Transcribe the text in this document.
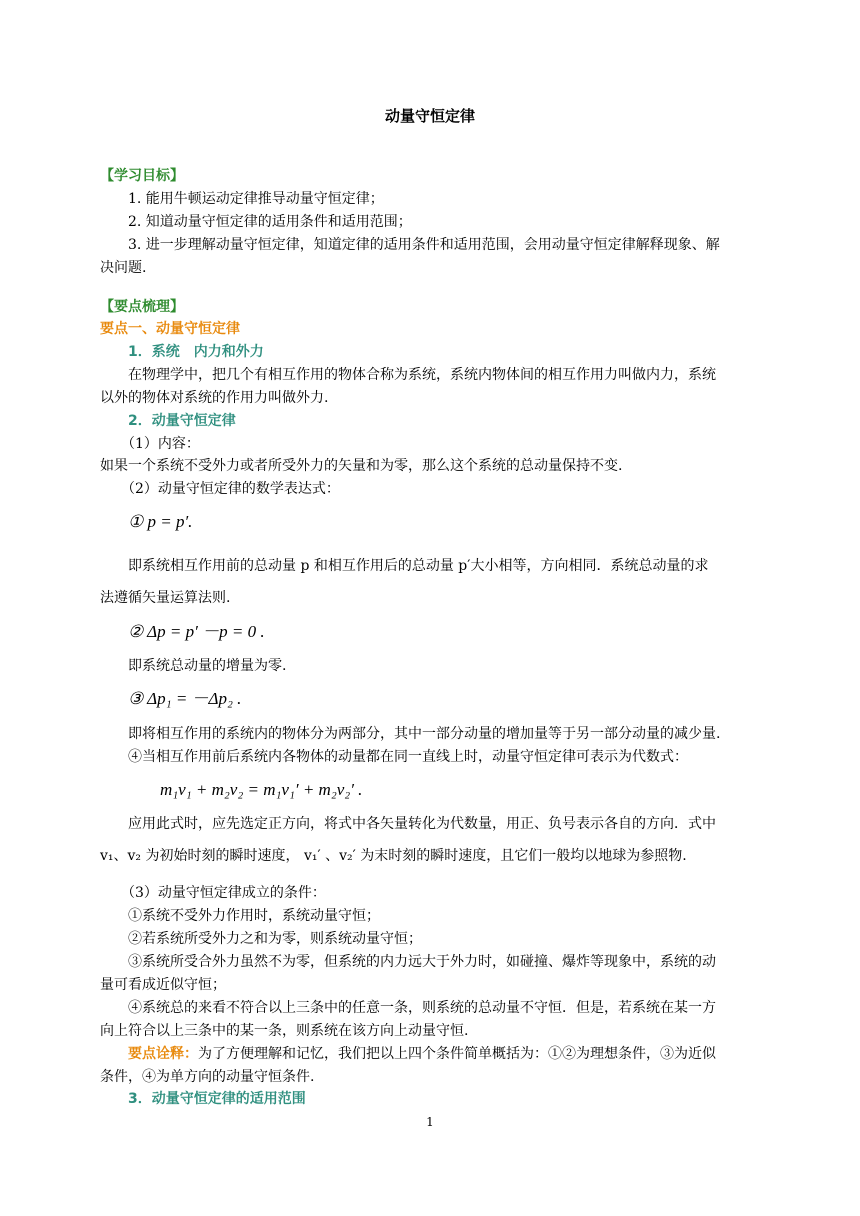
动量守恒定律
【学习目标】
1. 能用牛顿运动定律推导动量守恒定律；
2. 知道动量守恒定律的适用条件和适用范围；
3. 进一步理解动量守恒定律，知道定律的适用条件和适用范围，会用动量守恒定律解释现象、解
决问题.
【要点梳理】
要点一、动量守恒定律
1．系统　内力和外力
在物理学中，把几个有相互作用的物体合称为系统，系统内物体间的相互作用力叫做内力，系统
以外的物体对系统的作用力叫做外力.
2．动量守恒定律
（1）内容：
如果一个系统不受外力或者所受外力的矢量和为零，那么这个系统的总动量保持不变.
（2）动量守恒定律的数学表达式：
① p = p′.
即系统相互作用前的总动量 p 和相互作用后的总动量 p′大小相等，方向相同．系统总动量的求
法遵循矢量运算法则.
② Δp = p′ －p = 0 .
即系统总动量的增量为零.
③ Δp₁ = －Δp₂ .
即将相互作用的系统内的物体分为两部分，其中一部分动量的增加量等于另一部分动量的减少量.
④当相互作用前后系统内各物体的动量都在同一直线上时，动量守恒定律可表示为代数式：
m₁v₁ + m₂v₂ = m₁v₁′ + m₂v₂′ .
应用此式时，应先选定正方向，将式中各矢量转化为代数量，用正、负号表示各自的方向．式中
v₁、v₂ 为初始时刻的瞬时速度， v₁′ 、v₂′ 为末时刻的瞬时速度，且它们一般均以地球为参照物.
（3）动量守恒定律成立的条件：
①系统不受外力作用时，系统动量守恒；
②若系统所受外力之和为零，则系统动量守恒；
③系统所受合外力虽然不为零，但系统的内力远大于外力时，如碰撞、爆炸等现象中，系统的动
量可看成近似守恒；
④系统总的来看不符合以上三条中的任意一条，则系统的总动量不守恒．但是，若系统在某一方
向上符合以上三条中的某一条，则系统在该方向上动量守恒.
要点诠释：为了方便理解和记忆，我们把以上四个条件简单概括为：①②为理想条件，③为近似
条件，④为单方向的动量守恒条件.
3．动量守恒定律的适用范围
1
